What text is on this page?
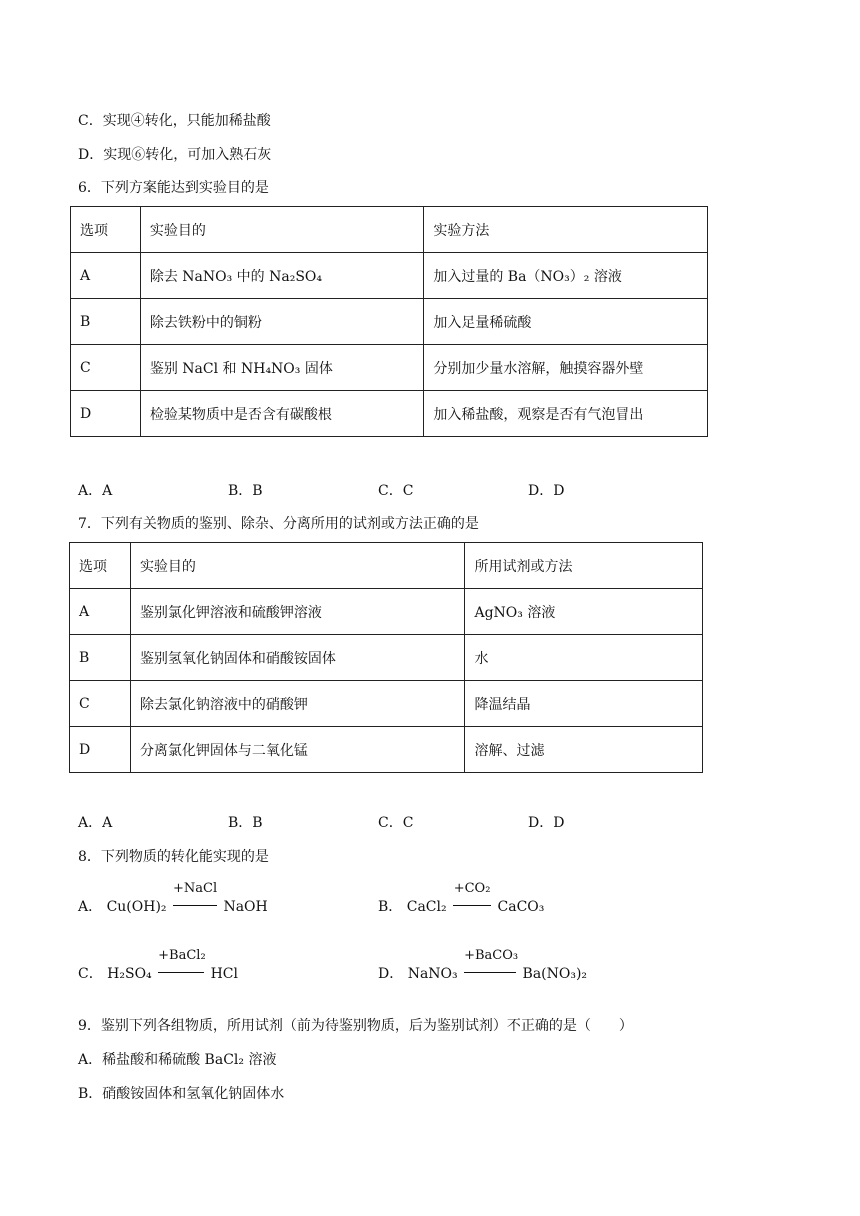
C．实现④转化，只能加稀盐酸
D．实现⑥转化，可加入熟石灰
6．下列方案能达到实验目的是
选项	实验目的	实验方法
A	除去 NaNO₃ 中的 Na₂SO₄	加入过量的 Ba（NO₃）₂ 溶液
B	除去铁粉中的铜粉	加入足量稀硫酸
C	鉴别 NaCl 和 NH₄NO₃ 固体	分别加少量水溶解，触摸容器外壁
D	检验某物质中是否含有碳酸根	加入稀盐酸，观察是否有气泡冒出
A．A	B．B	C．C	D．D
7．下列有关物质的鉴别、除杂、分离所用的试剂或方法正确的是
选项	实验目的	所用试剂或方法
A	鉴别氯化钾溶液和硫酸钾溶液	AgNO₃ 溶液
B	鉴别氢氧化钠固体和硝酸铵固体	水
C	除去氯化钠溶液中的硝酸钾	降温结晶
D	分离氯化钾固体与二氧化锰	溶解、过滤
A．A	B．B	C．C	D．D
8．下列物质的转化能实现的是
A． Cu(OH)₂
+NaCl
NaOH	B． CaCl₂
+CO₂
CaCO₃
C． H₂SO₄
+BaCl₂
HCl	D． NaNO₃
+BaCO₃
Ba(NO₃)₂
9．鉴别下列各组物质，所用试剂（前为待鉴别物质，后为鉴别试剂）不正确的是（　　）
A．稀盐酸和稀硫酸 BaCl₂ 溶液
B．硝酸铵固体和氢氧化钠固体水
